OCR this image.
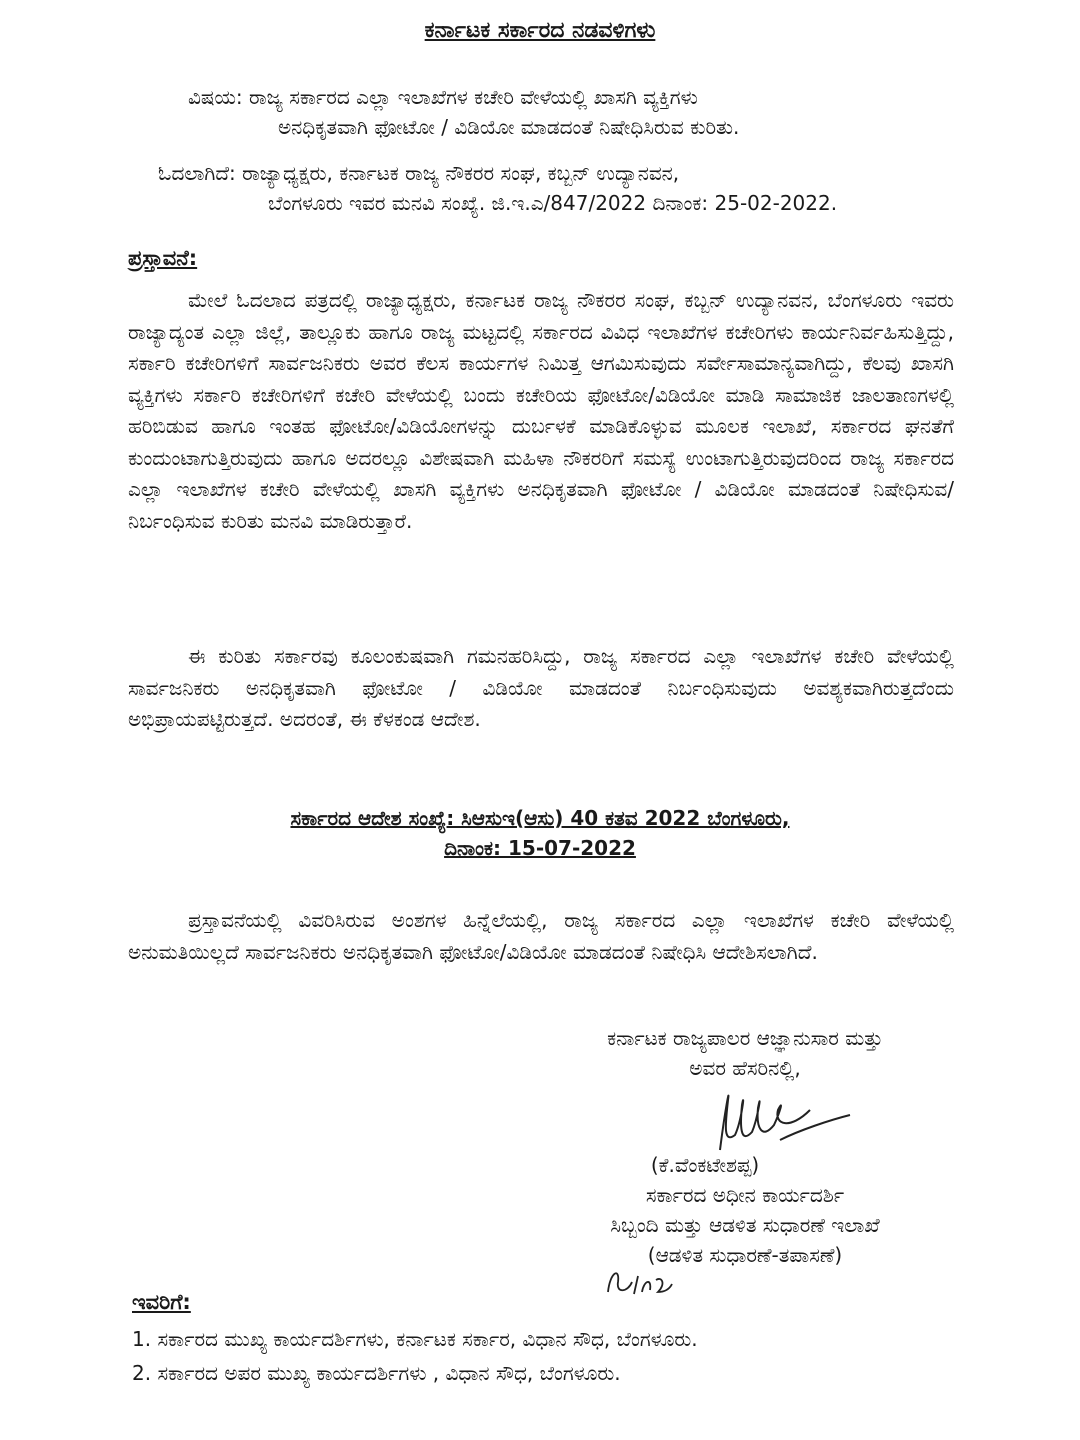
ಕರ್ನಾಟಕ ಸರ್ಕಾರದ ನಡವಳಿಗಳು
ವಿಷಯ: ರಾಜ್ಯ ಸರ್ಕಾರದ ಎಲ್ಲಾ ಇಲಾಖೆಗಳ ಕಚೇರಿ ವೇಳೆಯಲ್ಲಿ ಖಾಸಗಿ ವ್ಯಕ್ತಿಗಳು
ಅನಧಿಕೃತವಾಗಿ ಫೋಟೋ / ವಿಡಿಯೋ ಮಾಡದಂತೆ ನಿಷೇಧಿಸಿರುವ ಕುರಿತು.
ಓದಲಾಗಿದೆ: ರಾಜ್ಯಾಧ್ಯಕ್ಷರು, ಕರ್ನಾಟಕ ರಾಜ್ಯ ನೌಕರರ ಸಂಘ, ಕಬ್ಬನ್ ಉದ್ಯಾನವನ,
ಬೆಂಗಳೂರು ಇವರ ಮನವಿ ಸಂಖ್ಯೆ. ಜಿ.ಇ.ಎ/847/2022 ದಿನಾಂಕ: 25-02-2022.
ಪ್ರಸ್ತಾವನೆ:
ಮೇಲೆ ಓದಲಾದ ಪತ್ರದಲ್ಲಿ ರಾಜ್ಯಾಧ್ಯಕ್ಷರು, ಕರ್ನಾಟಕ ರಾಜ್ಯ ನೌಕರರ ಸಂಘ, ಕಬ್ಬನ್ ಉದ್ಯಾನವನ, ಬೆಂಗಳೂರು ಇವರು ರಾಜ್ಯಾದ್ಯಂತ ಎಲ್ಲಾ ಜಿಲ್ಲೆ, ತಾಲ್ಲೂಕು ಹಾಗೂ ರಾಜ್ಯ ಮಟ್ಟದಲ್ಲಿ ಸರ್ಕಾರದ ವಿವಿಧ ಇಲಾಖೆಗಳ ಕಚೇರಿಗಳು ಕಾರ್ಯನಿರ್ವಹಿಸುತ್ತಿದ್ದು, ಸರ್ಕಾರಿ ಕಚೇರಿಗಳಿಗೆ ಸಾರ್ವಜನಿಕರು ಅವರ ಕೆಲಸ ಕಾರ್ಯಗಳ ನಿಮಿತ್ತ ಆಗಮಿಸುವುದು ಸರ್ವೇಸಾಮಾನ್ಯವಾಗಿದ್ದು, ಕೆಲವು ಖಾಸಗಿ ವ್ಯಕ್ತಿಗಳು ಸರ್ಕಾರಿ ಕಚೇರಿಗಳಿಗೆ ಕಚೇರಿ ವೇಳೆಯಲ್ಲಿ ಬಂದು ಕಚೇರಿಯ ಫೋಟೋ/ವಿಡಿಯೋ ಮಾಡಿ ಸಾಮಾಜಿಕ ಜಾಲತಾಣಗಳಲ್ಲಿ ಹರಿಬಿಡುವ ಹಾಗೂ ಇಂತಹ ಫೋಟೋ/ವಿಡಿಯೋಗಳನ್ನು ದುರ್ಬಳಕೆ ಮಾಡಿಕೊಳ್ಳುವ ಮೂಲಕ ಇಲಾಖೆ, ಸರ್ಕಾರದ ಘನತೆಗೆ ಕುಂದುಂಟಾಗುತ್ತಿರುವುದು ಹಾಗೂ ಅದರಲ್ಲೂ ವಿಶೇಷವಾಗಿ ಮಹಿಳಾ ನೌಕರರಿಗೆ ಸಮಸ್ಯೆ ಉಂಟಾಗುತ್ತಿರುವುದರಿಂದ ರಾಜ್ಯ ಸರ್ಕಾರದ ಎಲ್ಲಾ ಇಲಾಖೆಗಳ ಕಚೇರಿ ವೇಳೆಯಲ್ಲಿ ಖಾಸಗಿ ವ್ಯಕ್ತಿಗಳು ಅನಧಿಕೃತವಾಗಿ ಫೋಟೋ / ವಿಡಿಯೋ ಮಾಡದಂತೆ ನಿಷೇಧಿಸುವ/ನಿರ್ಬಂಧಿಸುವ ಕುರಿತು ಮನವಿ ಮಾಡಿರುತ್ತಾರೆ.
ಈ ಕುರಿತು ಸರ್ಕಾರವು ಕೂಲಂಕುಷವಾಗಿ ಗಮನಹರಿಸಿದ್ದು, ರಾಜ್ಯ ಸರ್ಕಾರದ ಎಲ್ಲಾ ಇಲಾಖೆಗಳ ಕಚೇರಿ ವೇಳೆಯಲ್ಲಿ ಸಾರ್ವಜನಿಕರು ಅನಧಿಕೃತವಾಗಿ ಫೋಟೋ / ವಿಡಿಯೋ ಮಾಡದಂತೆ ನಿರ್ಬಂಧಿಸುವುದು ಅವಶ್ಯಕವಾಗಿರುತ್ತದೆಂದು ಅಭಿಪ್ರಾಯಪಟ್ಟಿರುತ್ತದೆ. ಅದರಂತೆ, ಈ ಕೆಳಕಂಡ ಆದೇಶ.
ಸರ್ಕಾರದ ಆದೇಶ ಸಂಖ್ಯೆ: ಸಿಆಸುಇ(ಆಸು) 40 ಕತವ 2022 ಬೆಂಗಳೂರು,
ದಿನಾಂಕ: 15-07-2022
ಪ್ರಸ್ತಾವನೆಯಲ್ಲಿ ವಿವರಿಸಿರುವ ಅಂಶಗಳ ಹಿನ್ನೆಲೆಯಲ್ಲಿ, ರಾಜ್ಯ ಸರ್ಕಾರದ ಎಲ್ಲಾ ಇಲಾಖೆಗಳ ಕಚೇರಿ ವೇಳೆಯಲ್ಲಿ ಅನುಮತಿಯಿಲ್ಲದೆ ಸಾರ್ವಜನಿಕರು ಅನಧಿಕೃತವಾಗಿ ಫೋಟೋ/ವಿಡಿಯೋ ಮಾಡದಂತೆ ನಿಷೇಧಿಸಿ ಆದೇಶಿಸಲಾಗಿದೆ.
ಕರ್ನಾಟಕ ರಾಜ್ಯಪಾಲರ ಆಜ್ಞಾನುಸಾರ ಮತ್ತು
ಅವರ ಹೆಸರಿನಲ್ಲಿ,
(ಕೆ.ವೆಂಕಟೇಶಪ್ಪ)
ಸರ್ಕಾರದ ಅಧೀನ ಕಾರ್ಯದರ್ಶಿ
ಸಿಬ್ಬಂದಿ ಮತ್ತು ಆಡಳಿತ ಸುಧಾರಣೆ ಇಲಾಖೆ
(ಆಡಳಿತ ಸುಧಾರಣೆ-ತಪಾಸಣೆ)
ಇವರಿಗೆ:
1. ಸರ್ಕಾರದ ಮುಖ್ಯ ಕಾರ್ಯದರ್ಶಿಗಳು, ಕರ್ನಾಟಕ ಸರ್ಕಾರ, ವಿಧಾನ ಸೌಧ, ಬೆಂಗಳೂರು.
2. ಸರ್ಕಾರದ ಅಪರ ಮುಖ್ಯ ಕಾರ್ಯದರ್ಶಿಗಳು , ವಿಧಾನ ಸೌಧ, ಬೆಂಗಳೂರು.
